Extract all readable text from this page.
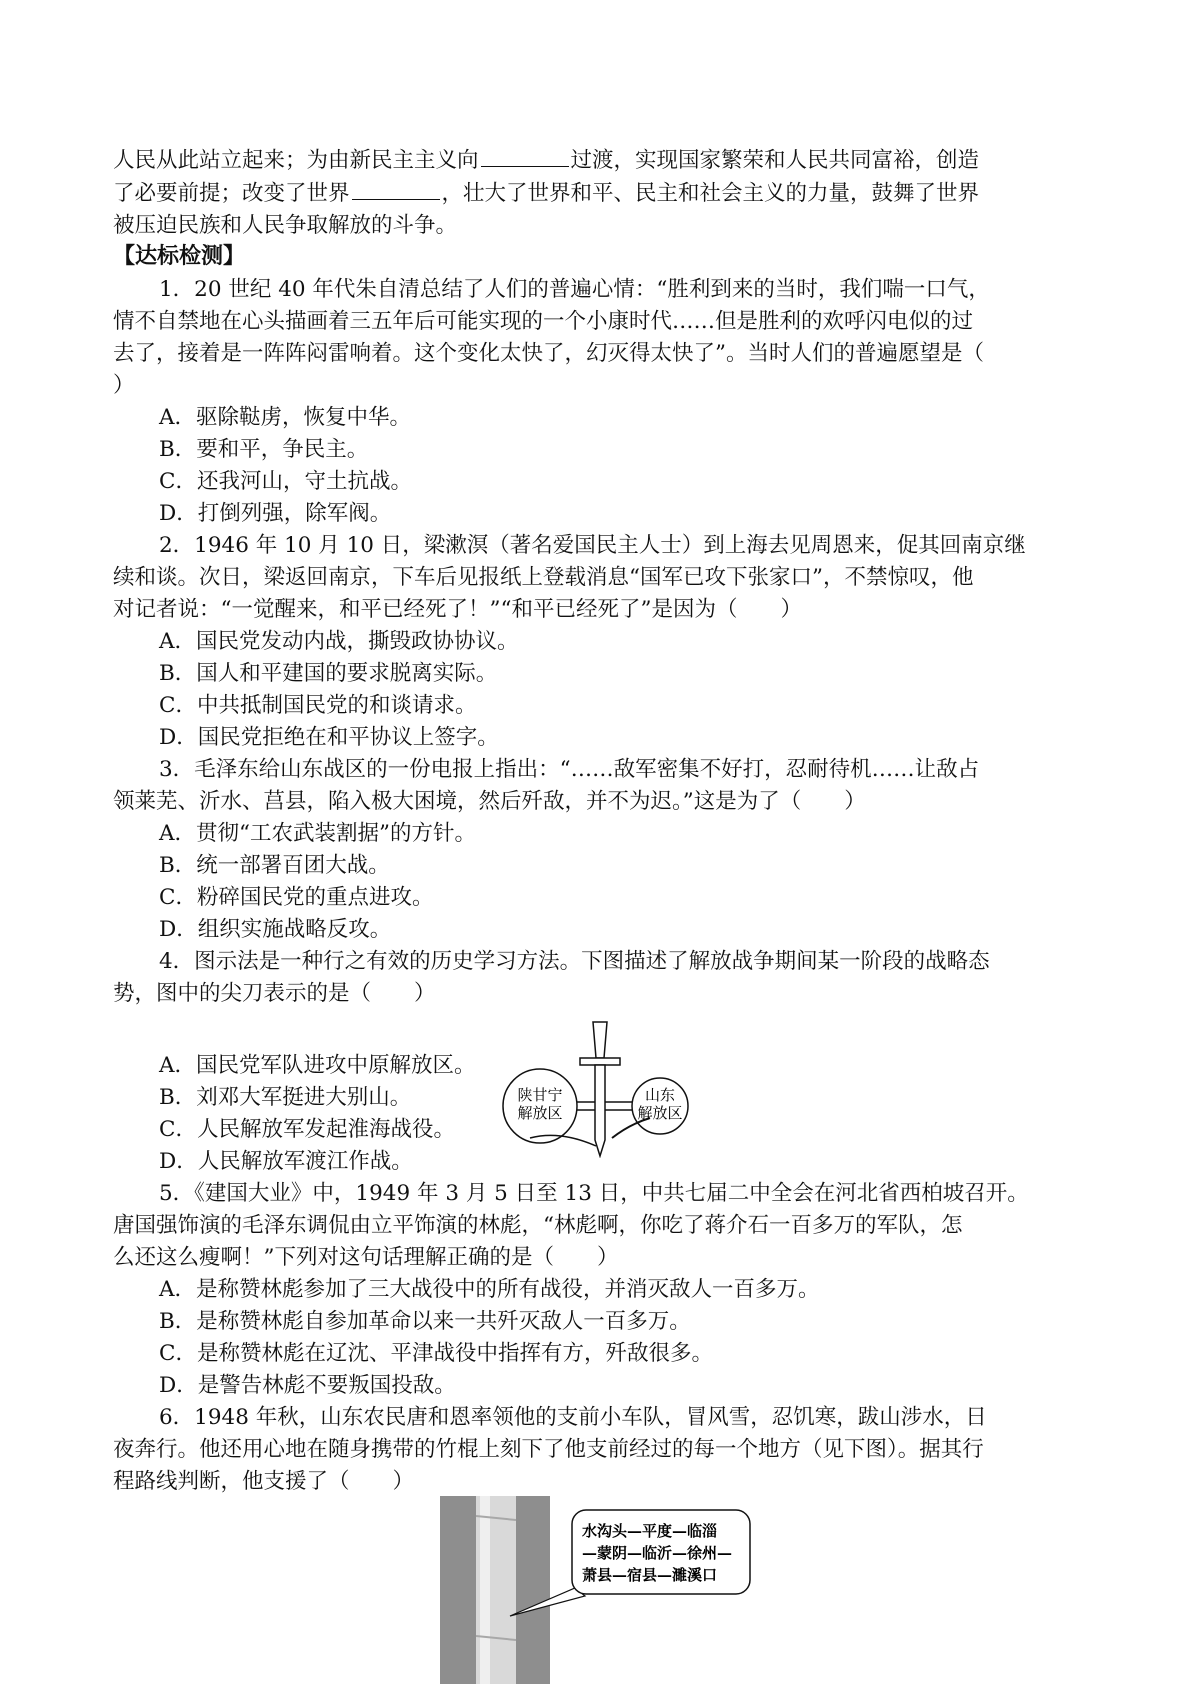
人民从此站立起来；为由新民主主义向	过渡，实现国家繁荣和人民共同富裕，创造
了必要前提；改变了世界	，壮大了世界和平、民主和社会主义的力量，鼓舞了世界
被压迫民族和人民争取解放的斗争。
【达标检测】
1．20 世纪 40 年代朱自清总结了人们的普遍心情：“胜利到来的当时，我们喘一口气，
情不自禁地在心头描画着三五年后可能实现的一个小康时代……但是胜利的欢呼闪电似的过
去了，接着是一阵阵闷雷响着。这个变化太快了，幻灭得太快了”。当时人们的普遍愿望是（
）
A．驱除鞑虏，恢复中华。
B．要和平，争民主。
C．还我河山，守土抗战。
D．打倒列强，除军阀。
2．1946 年 10 月 10 日，梁漱溟（著名爱国民主人士）到上海去见周恩来，促其回南京继
续和谈。次日，梁返回南京，下车后见报纸上登载消息“国军已攻下张家口”，不禁惊叹，他
对记者说：“一觉醒来，和平已经死了！”“和平已经死了”是因为（　　）
A．国民党发动内战，撕毁政协协议。
B．国人和平建国的要求脱离实际。
C．中共抵制国民党的和谈请求。
D．国民党拒绝在和平协议上签字。
3．毛泽东给山东战区的一份电报上指出：“……敌军密集不好打，忍耐待机……让敌占
领莱芜、沂水、莒县，陷入极大困境，然后歼敌，并不为迟。”这是为了（　　）
A．贯彻“工农武装割据”的方针。
B．统一部署百团大战。
C．粉碎国民党的重点进攻。
D．组织实施战略反攻。
4．图示法是一种行之有效的历史学习方法。下图描述了解放战争期间某一阶段的战略态
势，图中的尖刀表示的是（　　）
A．国民党军队进攻中原解放区。
B．刘邓大军挺进大别山。
C．人民解放军发起淮海战役。
D．人民解放军渡江作战。
陕甘宁
解放区
山东
解放区
5．《建国大业》中，1949 年 3 月 5 日至 13 日，中共七届二中全会在河北省西柏坡召开。
唐国强饰演的毛泽东调侃由立平饰演的林彪，“林彪啊，你吃了蒋介石一百多万的军队，怎
么还这么瘦啊！”下列对这句话理解正确的是（　　）
A．是称赞林彪参加了三大战役中的所有战役，并消灭敌人一百多万。
B．是称赞林彪自参加革命以来一共歼灭敌人一百多万。
C．是称赞林彪在辽沈、平津战役中指挥有方，歼敌很多。
D．是警告林彪不要叛国投敌。
6．1948 年秋，山东农民唐和恩率领他的支前小车队，冒风雪，忍饥寒，跋山涉水，日
夜奔行。他还用心地在随身携带的竹棍上刻下了他支前经过的每一个地方（见下图）。据其行
程路线判断，他支援了（　　）
水沟头—平度—临淄
—蒙阴—临沂—徐州—
萧县—宿县—濉溪口
